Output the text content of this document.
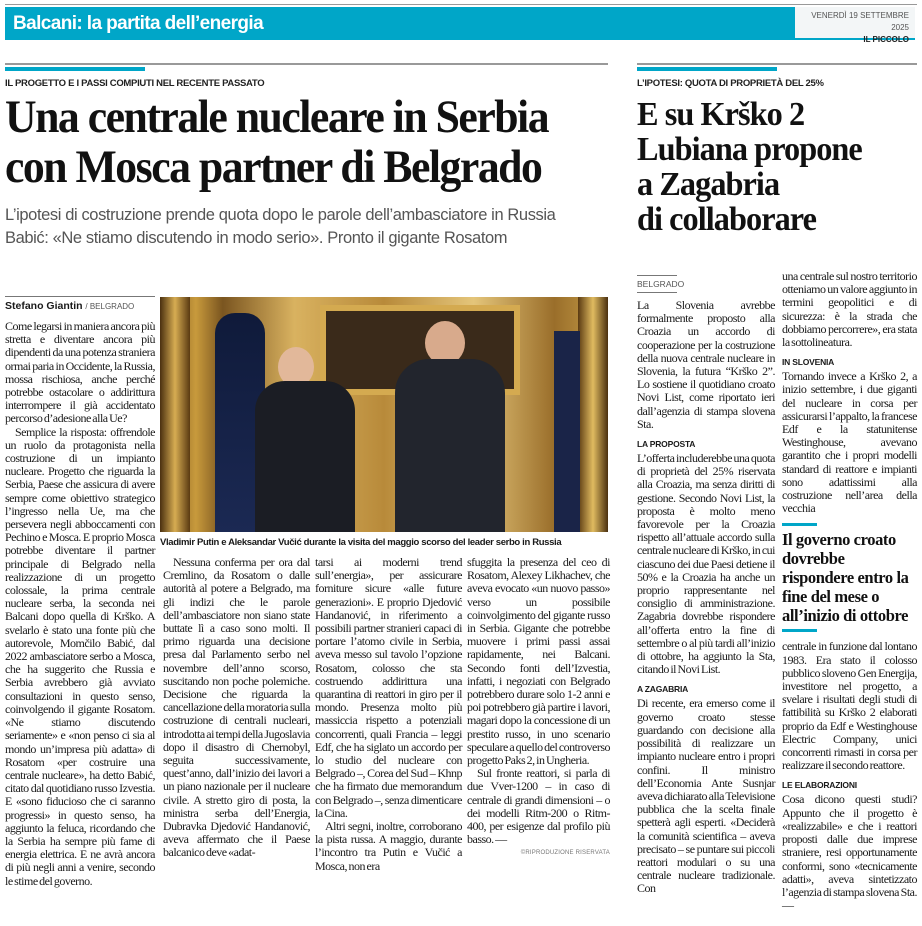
Balcani: la partita dell’energia	VENERDÌ 19 SETTEMBRE 2025
IL PICCOLO
IL PROGETTO E I PASSI COMPIUTI NEL RECENTE PASSATO
Una centrale nucleare in Serbia
con Mosca partner di Belgrado
L’ipotesi di costruzione prende quota dopo le parole dell’ambasciatore in Russia
Babić: «Ne stiamo discutendo in modo serio». Pronto il gigante Rosatom
L’IPOTESI: QUOTA DI PROPRIETÀ DEL 25%
E su Krško 2
Lubiana propone
a Zagabria
di collaborare
Stefano Giantin / BELGRADO

Come legarsi in maniera ancora più stretta e diventare ancora più dipendenti da una potenza straniera ormai paria in Occidente, la Russia, mossa rischiosa, anche perché potrebbe ostacolare o addirittura interrompere il già accidentato percorso d’adesione alla Ue?

Semplice la risposta: offrendole un ruolo da protagonista nella costruzione di un impianto nucleare. Progetto che riguarda la Serbia, Paese che assicura di avere sempre come obiettivo strategico l’ingresso nella Ue, ma che persevera negli abboccamenti con Pechino e Mosca. E proprio Mosca potrebbe diventare il partner principale di Belgrado nella realizzazione di un progetto colossale, la prima centrale nucleare serba, la seconda nei Balcani dopo quella di Krško. A svelarlo è stato una fonte più che autorevole, Momčilo Babić, dal 2022 ambasciatore serbo a Mosca, che ha suggerito che Russia e Serbia avrebbero già avviato consultazioni in questo senso, coinvolgendo il gigante Rosatom. «Ne stiamo discutendo seriamente» e «non penso ci sia al mondo un’impresa più adatta» di Rosatom «per costruire una centrale nucleare», ha detto Babić, citato dal quotidiano russo Izvestia. E «sono fiducioso che ci saranno progressi» in questo senso, ha aggiunto la feluca, ricordando che la Serbia ha sempre più fame di energia elettrica. E ne avrà ancora di più negli anni a venire, secondo le stime del governo.

Vladimir Putin e Aleksandar Vučić durante la visita del maggio scorso del leader serbo in Russia

Nessuna conferma per ora dal Cremlino, da Rosatom o dalle autorità al potere a Belgrado, ma gli indizi che le parole dell’ambasciatore non siano state buttate lì a caso sono molti. Il primo riguarda una decisione presa dal Parlamento serbo nel novembre dell’anno scorso, suscitando non poche polemiche. Decisione che riguarda la cancellazione della moratoria sulla costruzione di centrali nucleari, introdotta ai tempi della Jugoslavia dopo il disastro di Chernobyl, seguita successivamente, quest’anno, dall’inizio dei lavori a un piano nazionale per il nucleare civile. A stretto giro di posta, la ministra serba dell’Energia, Dubravka Djedović Handanović, aveva affermato che il Paese balcanico deve «adat-

tarsi ai moderni trend sull’energia», per assicurare forniture sicure «alle future generazioni». E proprio Djedović Handanović, in riferimento a possibili partner stranieri capaci di portare l’atomo civile in Serbia, aveva messo sul tavolo l’opzione Rosatom, colosso che sta costruendo addirittura una quarantina di reattori in giro per il mondo. Presenza molto più massiccia rispetto a potenziali concorrenti, quali Francia – leggi Edf, che ha siglato un accordo per lo studio del nucleare con Belgrado –, Corea del Sud – Khnp che ha firmato due memorandum con Belgrado –, senza dimenticare la Cina.

Altri segni, inoltre, corroborano la pista russa. A maggio, durante l’incontro tra Putin e Vučić a Mosca, non era

sfuggita la presenza del ceo di Rosatom, Alexey Likhachev, che aveva evocato «un nuovo passo» verso un possibile coinvolgimento del gigante russo in Serbia. Gigante che potrebbe muovere i primi passi assai rapidamente, nei Balcani. Secondo fonti dell’Izvestia, infatti, i negoziati con Belgrado potrebbero durare solo 1-2 anni e poi potrebbero già partire i lavori, magari dopo la concessione di un prestito russo, in uno scenario speculare a quello del controverso progetto Paks 2, in Ungheria.

Sul fronte reattori, si parla di due Vver-1200 – in caso di centrale di grandi dimensioni – o dei modelli Ritm-200 o Ritm-400, per esigenze dal profilo più basso. —

©RIPRODUZIONE RISERVATA
BELGRADO

La Slovenia avrebbe formalmente proposto alla Croazia un accordo di cooperazione per la costruzione della nuova centrale nucleare in Slovenia, la futura “Krško 2”. Lo sostiene il quotidiano croato Novi List, come riportato ieri dall’agenzia di stampa slovena Sta.

LA PROPOSTA

L’offerta includerebbe una quota di proprietà del 25% riservata alla Croazia, ma senza diritti di gestione. Secondo Novi List, la proposta è molto meno favorevole per la Croazia rispetto all’attuale accordo sulla centrale nucleare di Krško, in cui ciascuno dei due Paesi detiene il 50% e la Croazia ha anche un proprio rappresentante nel consiglio di amministrazione. Zagabria dovrebbe rispondere all’offerta entro la fine di settembre o al più tardi all’inizio di ottobre, ha aggiunto la Sta, citando il Novi List.

A ZAGABRIA

Di recente, era emerso come il governo croato stesse guardando con decisione alla possibilità di realizzare un impianto nucleare entro i propri confini. Il ministro dell’Economia Ante Susnjar aveva dichiarato alla Televisione pubblica che la scelta finale spetterà agli esperti. «Deciderà la comunità scientifica – aveva precisato – se puntare sui piccoli reattori modulari o su una centrale nucleare tradizionale. Con

una centrale sul nostro territorio otteniamo un valore aggiunto in termini geopolitici e di sicurezza: è la strada che dobbiamo percorrere», era stata la sottolineatura.

IN SLOVENIA

Tornando invece a Krško 2, a inizio settembre, i due giganti del nucleare in corsa per assicurarsi l’appalto, la francese Edf e la statunitense Westinghouse, avevano garantito che i propri modelli standard di reattore e impianti sono adattissimi alla costruzione nell’area della vecchia

Il governo croato dovrebbe rispondere entro la fine del mese o all’inizio di ottobre

centrale in funzione dal lontano 1983. Era stato il colosso pubblico sloveno Gen Energija, investitore nel progetto, a svelare i risultati degli studi di fattibilità su Krško 2 elaborati proprio da Edf e Westinghouse Electric Company, unici concorrenti rimasti in corsa per realizzare il secondo reattore.

LE ELABORAZIONI

Cosa dicono questi studi? Appunto che il progetto è «realizzabile» e che i reattori proposti dalle due imprese straniere, resi opportunamente conformi, sono «tecnicamente adatti», aveva sintetizzato l’agenzia di stampa slovena Sta. —
